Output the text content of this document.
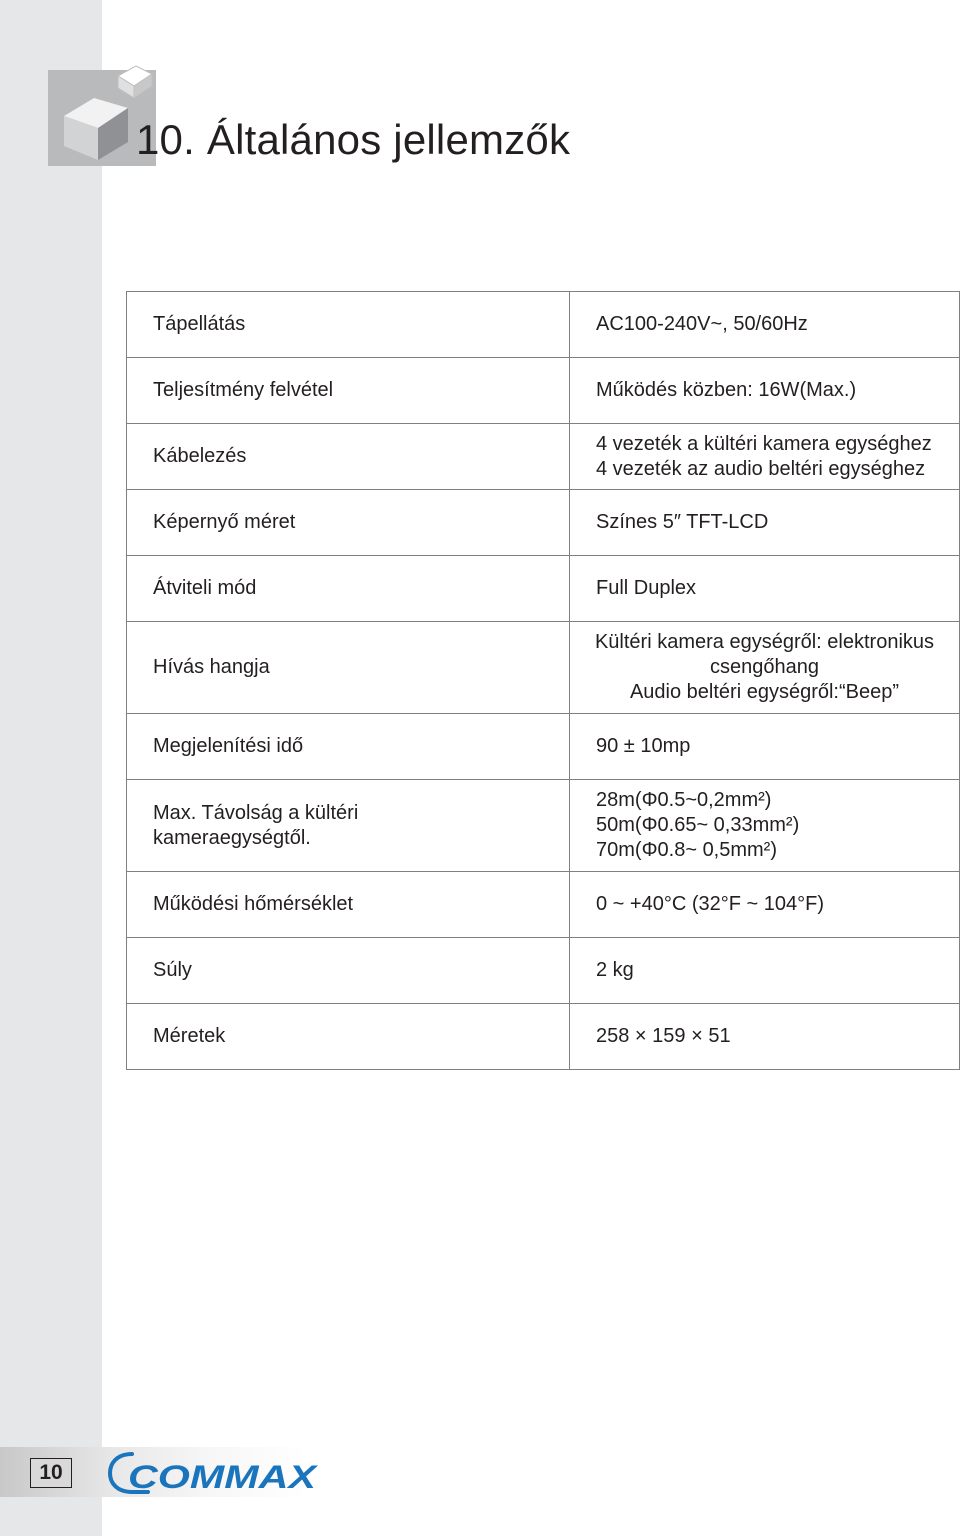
10. Általános jellemzők
Tápellátás	AC100-240V~, 50/60Hz

Teljesítmény felvétel	Működés közben: 16W(Max.)

Kábelezés	4 vezeték a kültéri kamera egységhez
4 vezeték az audio beltéri egységhez

Képernyő méret	Színes 5″ TFT-LCD

Átviteli mód	Full Duplex

Hívás hangja	Kültéri kamera egységről: elektronikus
csengőhang
Audio beltéri egységről:“Beep”

Megjelenítési idő	90 ± 10mp

Max. Távolság a kültéri
kameraegységtől.	28m(Φ0.5~0,2mm²)
50m(Φ0.65~ 0,33mm²)
70m(Φ0.8~ 0,5mm²)

Működési hőmérséklet	0 ~ +40°C (32°F ~ 104°F)

Súly	2 kg

Méretek	258 × 159 × 51
10 COMMAX
